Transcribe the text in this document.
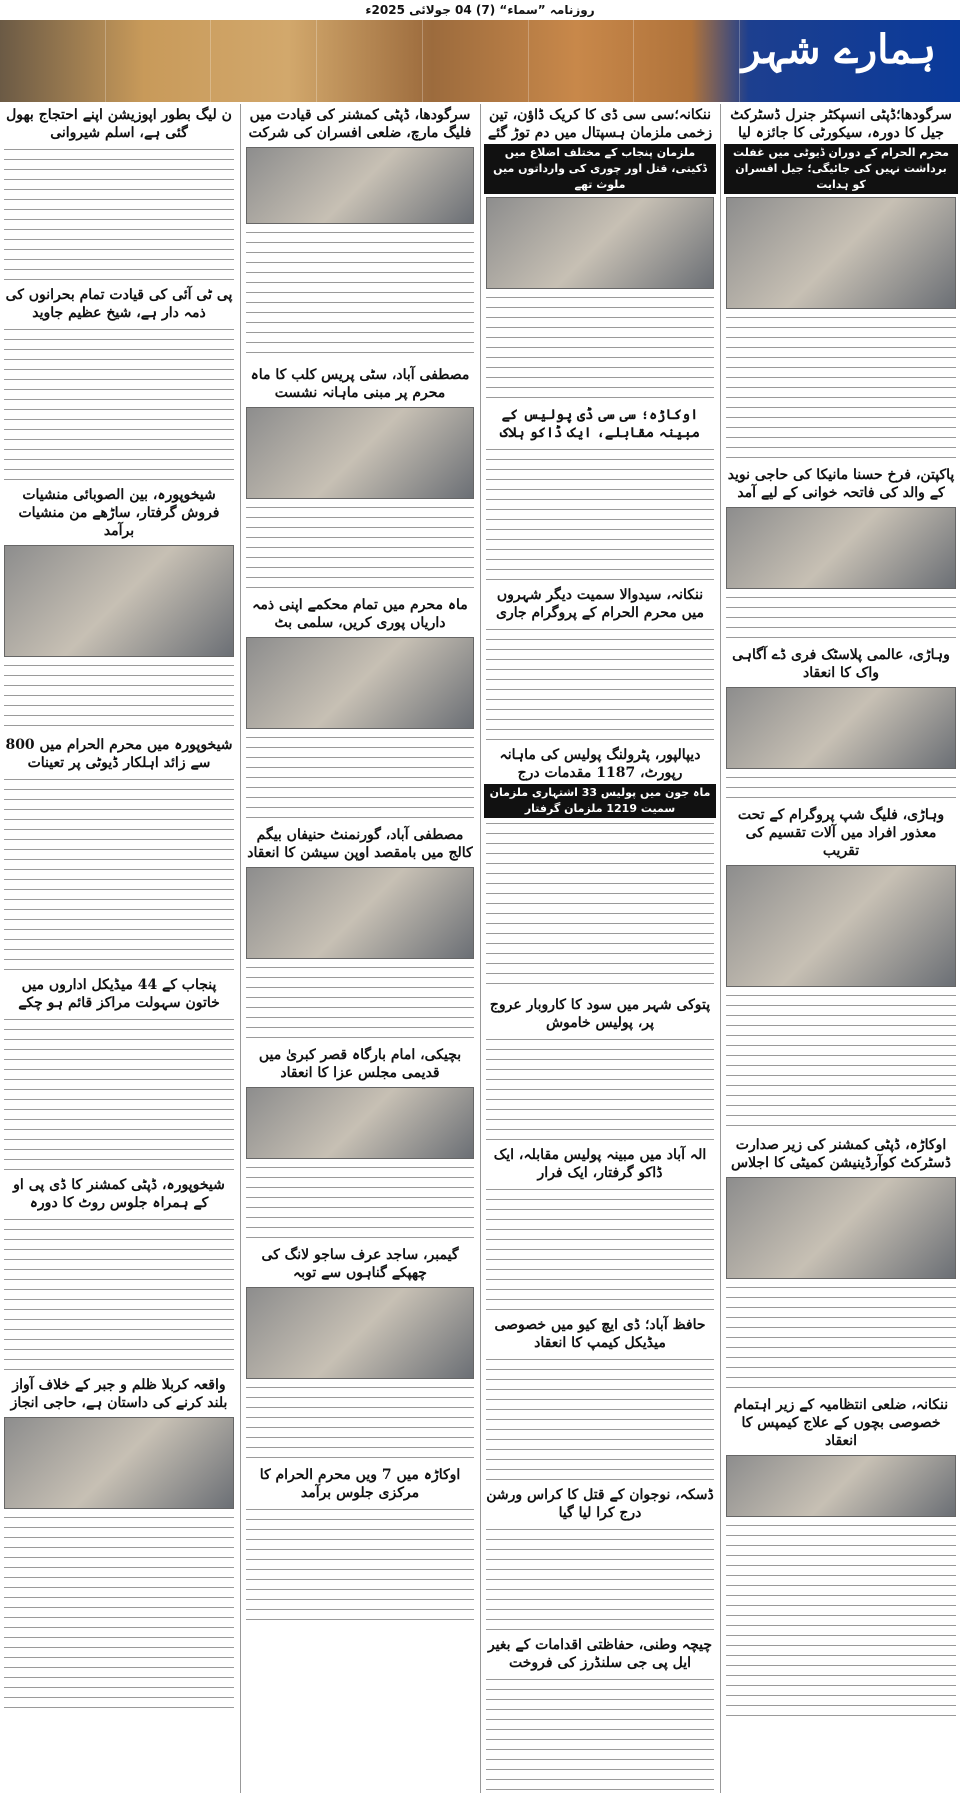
روزنامہ ”سماء“ (7) 04 جولائی 2025ء
ہمارے شہر
سرگودھا؛ڈپٹی انسپکٹر جنرل ڈسٹرکٹ جیل کا دورہ، سیکورٹی کا جائزہ لیا
محرم الحرام کے دوران ڈیوٹی میں غفلت برداشت نہیں کی جائیگی؛ جیل افسران کو ہدایت
پاکپتن، فرخ حسنا مانیکا کی حاجی نوید کے والد کی فاتحہ خوانی کے لیے آمد
وہاڑی، عالمی پلاسٹک فری ڈے آگاہی واک کا انعقاد
وہاڑی، فلیگ شپ پروگرام کے تحت معذور افراد میں آلات تقسیم کی تقریب
اوکاڑہ، ڈپٹی کمشنر کی زیر صدارت ڈسٹرکٹ کوآرڈینیشن کمیٹی کا اجلاس
ننکانہ، ضلعی انتظامیہ کے زیر اہتمام خصوصی بچوں کے علاج کیمپس کا انعقاد
ننکانہ؛سی سی ڈی کا کریک ڈاؤن، تین زخمی ملزمان ہسپتال میں دم توڑ گئے
ملزمان پنجاب کے مختلف اضلاع میں ڈکیتی، قتل اور چوری کی وارداتوں میں ملوث تھے
اوکاڑہ؛ سی سی ڈی پولیس کے مبینہ مقابلے، ایک ڈاکو ہلاک
ننکانہ، سیدوالا سمیت دیگر شہروں میں محرم الحرام کے پروگرام جاری
دیپالپور، پٹرولنگ پولیس کی ماہانہ رپورٹ، 1187 مقدمات درج
ماہ جون میں پولیس 33 اشتہاری ملزمان سمیت 1219 ملزمان گرفتار
پتوکی شہر میں سود کا کاروبار عروج پر، پولیس خاموش
الہ آباد میں مبینہ پولیس مقابلہ، ایک ڈاکو گرفتار، ایک فرار
حافظ آباد؛ ڈی ایچ کیو میں خصوصی میڈیکل کیمپ کا انعقاد
ڈسکہ، نوجوان کے قتل کا کراس ورشن درج کرا لیا گیا
چیچہ وطنی، حفاظتی اقدامات کے بغیر ایل پی جی سلنڈرز کی فروخت
سرگودھا، ڈپٹی کمشنر کی قیادت میں فلیگ مارچ، ضلعی افسران کی شرکت
مصطفی آباد، سٹی پریس کلب کا ماہ محرم پر مبنی ماہانہ نشست
ماہ محرم میں تمام محکمے اپنی ذمہ داریاں پوری کریں، سلمی بٹ
مصطفی آباد، گورنمنٹ حنیفاں بیگم کالج میں بامقصد اوپن سیشن کا انعقاد
بچیکی، امام بارگاہ قصر کبریٰ میں قدیمی مجلس عزا کا انعقاد
گیمبر، ساجد عرف ساجو لانگ کی چھپکے گناہوں سے توبہ
اوکاڑہ میں 7 ویں محرم الحرام کا مرکزی جلوس برآمد
ن لیگ بطور اپوزیشن اپنے احتجاج بھول گئی ہے، اسلم شیروانی
پی ٹی آئی کی قیادت تمام بحرانوں کی ذمہ دار ہے، شیخ عظیم جاوید
شیخوپورہ، بین الصوبائی منشیات فروش گرفتار، ساڑھے من منشیات برآمد
شیخوپورہ میں محرم الحرام میں 800 سے زائد اہلکار ڈیوٹی پر تعینات
پنجاب کے 44 میڈیکل اداروں میں خاتون سہولت مراکز قائم ہو چکے
شیخوپورہ، ڈپٹی کمشنر کا ڈی پی او کے ہمراہ جلوس روٹ کا دورہ
واقعہ کربلا ظلم و جبر کے خلاف آواز بلند کرنے کی داستان ہے، حاجی انجاز
